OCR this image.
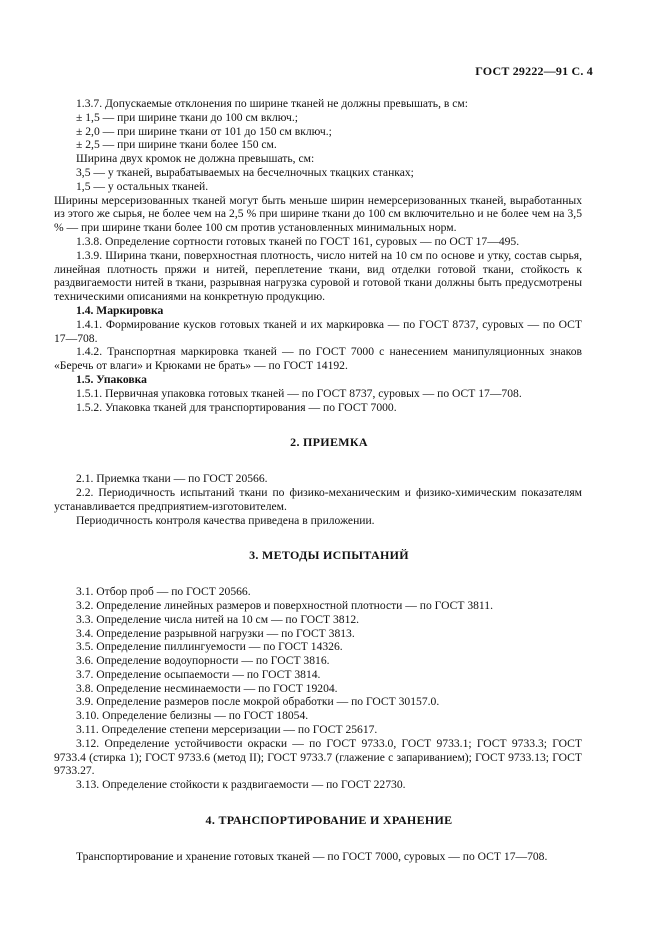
ГОСТ 29222—91 С. 4

1.3.7. Допускаемые отклонения по ширине тканей не должны превышать, в см:

± 1,5 — при ширине ткани до 100 см включ.;

± 2,0 — при ширине ткани от 101 до 150 см включ.;

± 2,5 — при ширине ткани более 150 см.

Ширина двух кромок не должна превышать, см:

3,5 — у тканей, вырабатываемых на бесчелночных ткацких станках;

1,5 — у остальных тканей.

Ширины мерсеризованных тканей могут быть меньше ширин немерсеризованных тканей, выработанных из этого же сырья, не более чем на 2,5 % при ширине ткани до 100 см включительно и не более чем на 3,5 % — при ширине ткани более 100 см против установленных минимальных норм.

1.3.8. Определение сортности готовых тканей по ГОСТ 161, суровых — по ОСТ 17—495.

1.3.9. Ширина ткани, поверхностная плотность, число нитей на 10 см по основе и утку, состав сырья, линейная плотность пряжи и нитей, переплетение ткани, вид отделки готовой ткани, стойкость к раздвигаемости нитей в ткани, разрывная нагрузка суровой и готовой ткани должны быть предусмотрены техническими описаниями на конкретную продукцию.

1.4. Маркировка

1.4.1. Формирование кусков готовых тканей и их маркировка — по ГОСТ 8737, суровых — по ОСТ 17—708.

1.4.2. Транспортная маркировка тканей — по ГОСТ 7000 с нанесением манипуляционных знаков «Беречь от влаги» и Крюками не брать» — по ГОСТ 14192.

1.5. Упаковка

1.5.1. Первичная упаковка готовых тканей — по ГОСТ 8737, суровых — по ОСТ 17—708.

1.5.2. Упаковка тканей для транспортирования — по ГОСТ 7000.

2. ПРИЕМКА

2.1. Приемка ткани — по ГОСТ 20566.

2.2. Периодичность испытаний ткани по физико-механическим и физико-химическим показателям устанавливается предприятием-изготовителем.

Периодичность контроля качества приведена в приложении.

3. МЕТОДЫ ИСПЫТАНИЙ

3.1. Отбор проб — по ГОСТ 20566.

3.2. Определение линейных размеров и поверхностной плотности — по ГОСТ 3811.

3.3. Определение числа нитей на 10 см — по ГОСТ 3812.

3.4. Определение разрывной нагрузки — по ГОСТ 3813.

3.5. Определение пиллингуемости — по ГОСТ 14326.

3.6. Определение водоупорности — по ГОСТ 3816.

3.7. Определение осыпаемости — по ГОСТ 3814.

3.8. Определение несминаемости — по ГОСТ 19204.

3.9. Определение размеров после мокрой обработки — по ГОСТ 30157.0.

3.10. Определение белизны — по ГОСТ 18054.

3.11. Определение степени мерсеризации — по ГОСТ 25617.

3.12. Определение устойчивости окраски — по ГОСТ 9733.0, ГОСТ 9733.1; ГОСТ 9733.3; ГОСТ 9733.4 (стирка 1); ГОСТ 9733.6 (метод II); ГОСТ 9733.7 (глажение с запариванием); ГОСТ 9733.13; ГОСТ 9733.27.

3.13. Определение стойкости к раздвигаемости — по ГОСТ 22730.

4. ТРАНСПОРТИРОВАНИЕ И ХРАНЕНИЕ

Транспортирование и хранение готовых тканей — по ГОСТ 7000, суровых — по ОСТ 17—708.
